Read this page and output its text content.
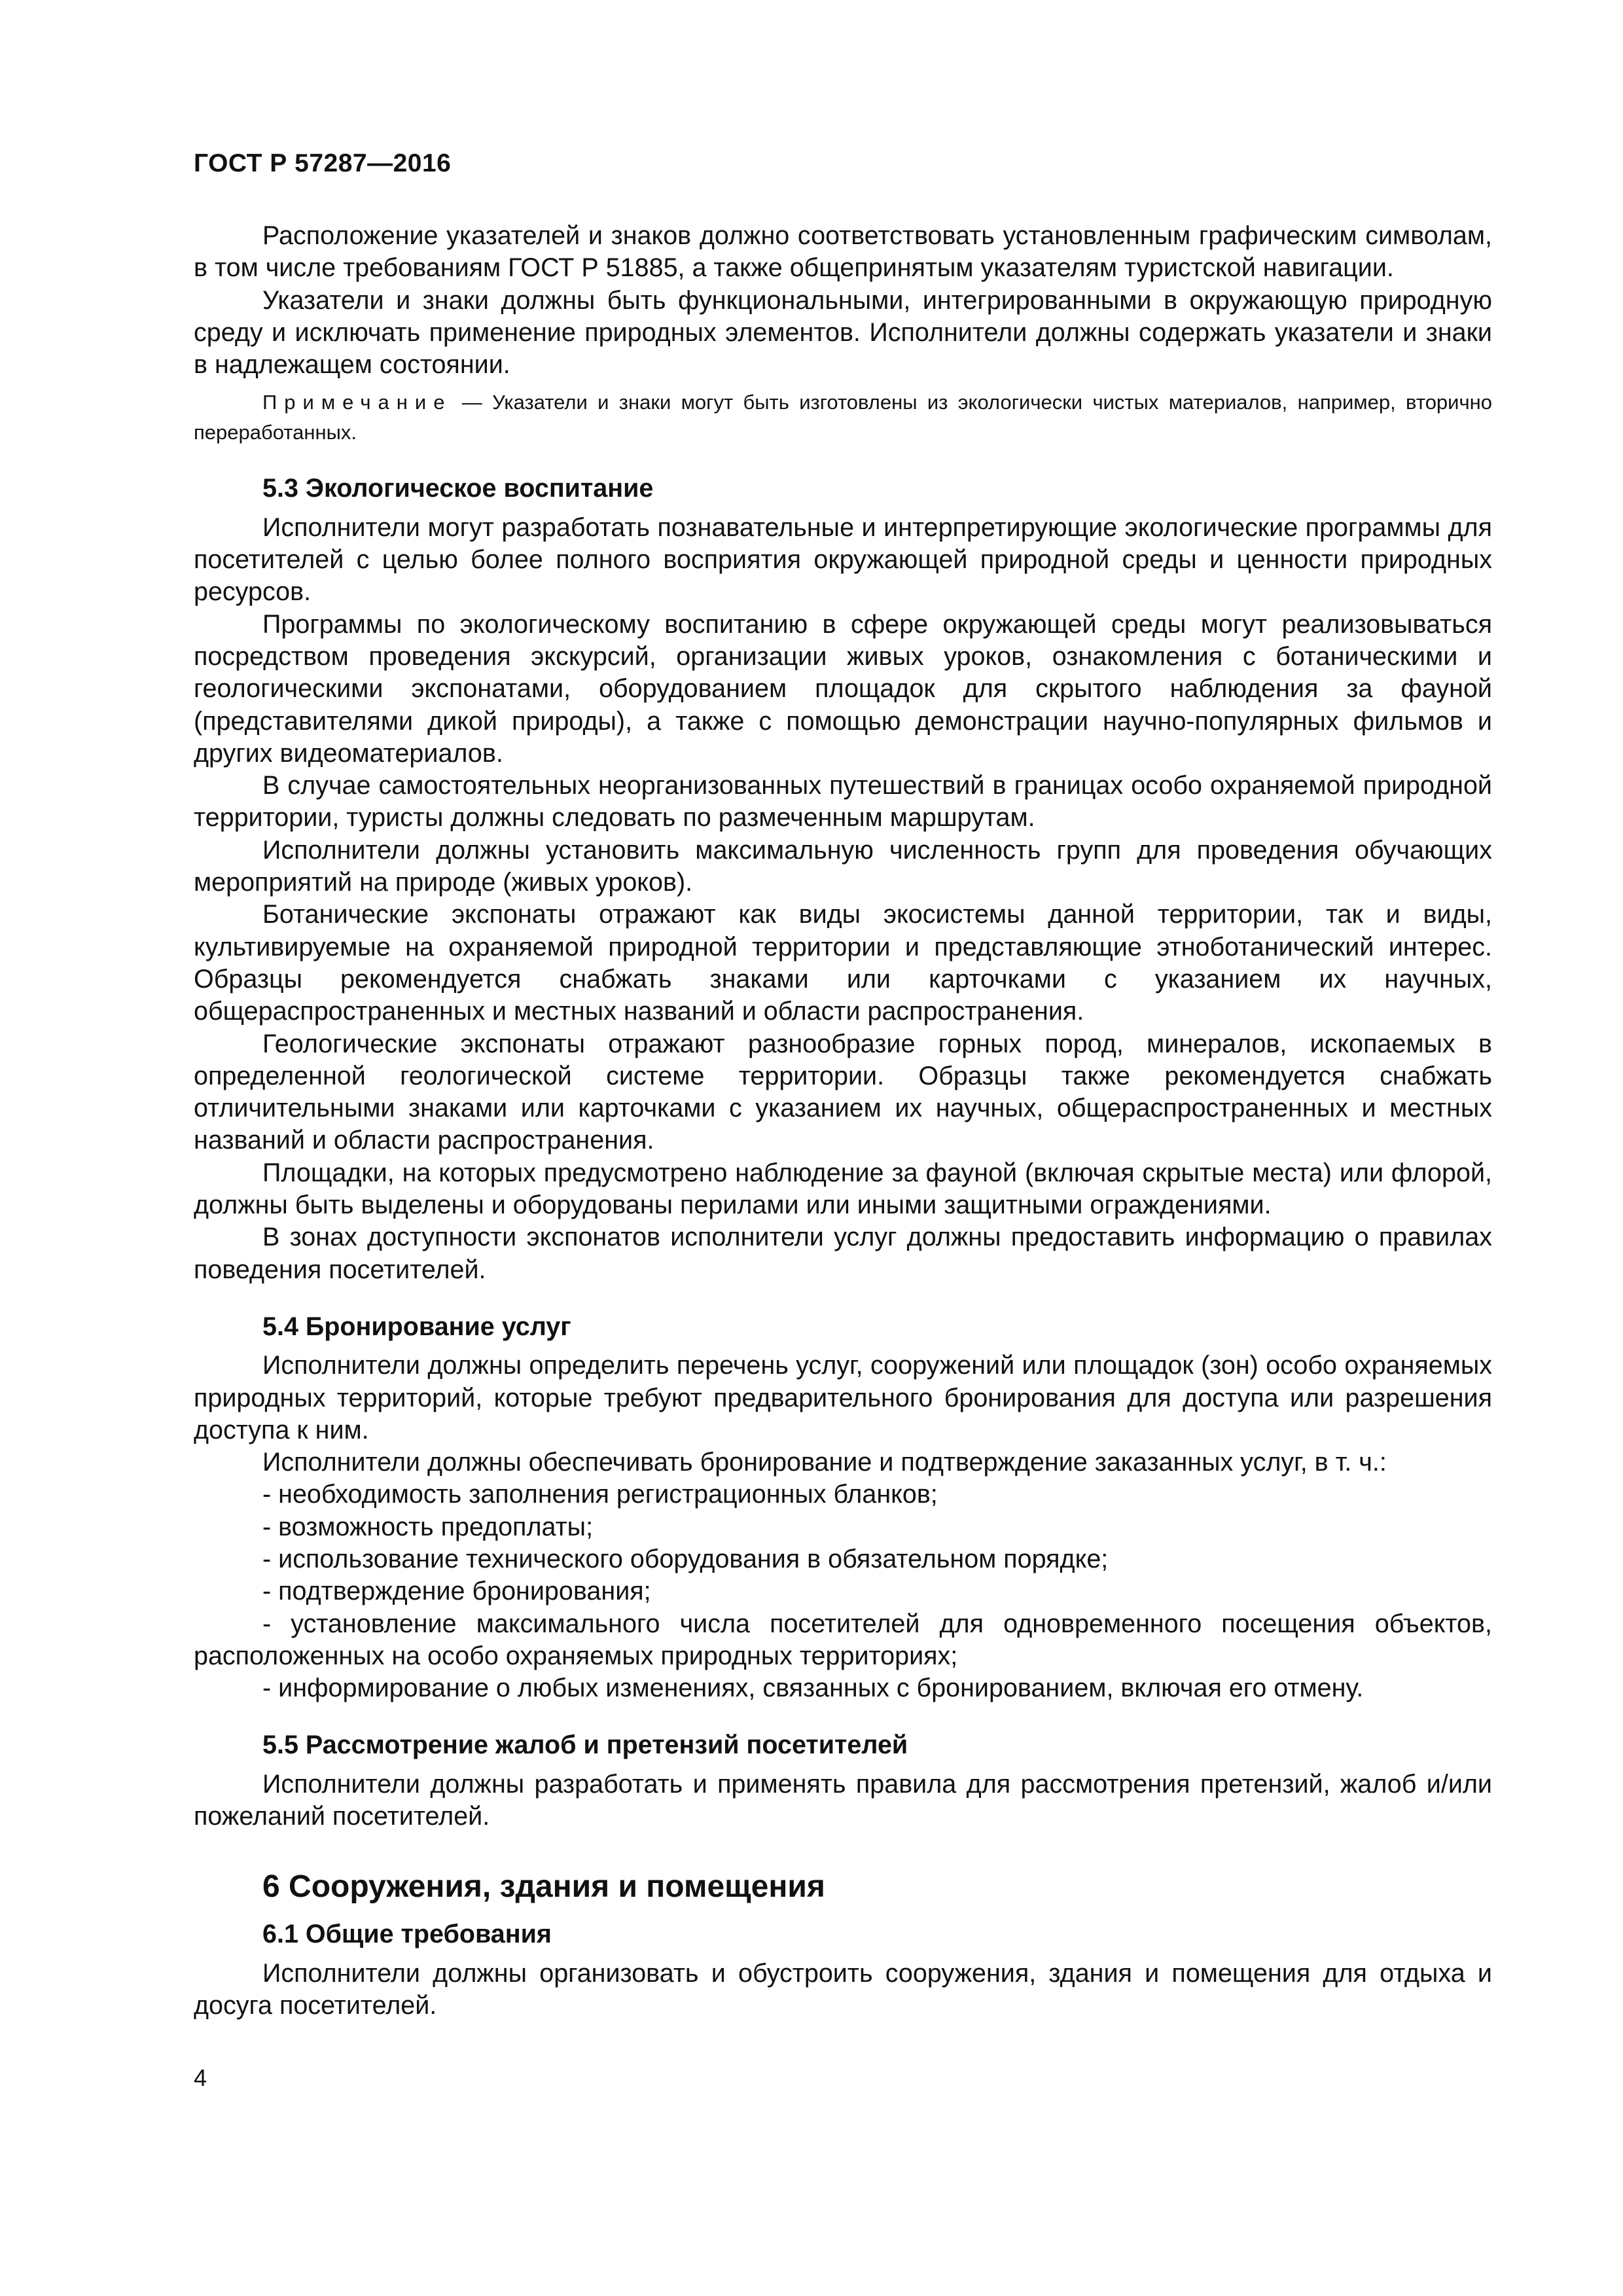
ГОСТ Р 57287—2016

Расположение указателей и знаков должно соответствовать установленным графическим символам, в том числе требованиям ГОСТ Р 51885, а также общепринятым указателям туристской навигации.

Указатели и знаки должны быть функциональными, интегрированными в окружающую природную среду и исключать применение природных элементов. Исполнители должны содержать указатели и знаки в надлежащем состоянии.

Примечание — Указатели и знаки могут быть изготовлены из экологически чистых материалов, например, вторично переработанных.

5.3 Экологическое воспитание

Исполнители могут разработать познавательные и интерпретирующие экологические программы для посетителей с целью более полного восприятия окружающей природной среды и ценности природных ресурсов.

Программы по экологическому воспитанию в сфере окружающей среды могут реализовываться посредством проведения экскурсий, организации живых уроков, ознакомления с ботаническими и геологическими экспонатами, оборудованием площадок для скрытого наблюдения за фауной (представителями дикой природы), а также с помощью демонстрации научно-популярных фильмов и других видеоматериалов.

В случае самостоятельных неорганизованных путешествий в границах особо охраняемой природной территории, туристы должны следовать по размеченным маршрутам.

Исполнители должны установить максимальную численность групп для проведения обучающих мероприятий на природе (живых уроков).

Ботанические экспонаты отражают как виды экосистемы данной территории, так и виды, культивируемые на охраняемой природной территории и представляющие этноботанический интерес. Образцы рекомендуется снабжать знаками или карточками с указанием их научных, общераспространенных и местных названий и области распространения.

Геологические экспонаты отражают разнообразие горных пород, минералов, ископаемых в определенной геологической системе территории. Образцы также рекомендуется снабжать отличительными знаками или карточками с указанием их научных, общераспространенных и местных названий и области распространения.

Площадки, на которых предусмотрено наблюдение за фауной (включая скрытые места) или флорой, должны быть выделены и оборудованы перилами или иными защитными ограждениями.

В зонах доступности экспонатов исполнители услуг должны предоставить информацию о правилах поведения посетителей.

5.4 Бронирование услуг

Исполнители должны определить перечень услуг, сооружений или площадок (зон) особо охраняемых природных территорий, которые требуют предварительного бронирования для доступа или разрешения доступа к ним.

Исполнители должны обеспечивать бронирование и подтверждение заказанных услуг, в т. ч.:

- необходимость заполнения регистрационных бланков;

- возможность предоплаты;

- использование технического оборудования в обязательном порядке;

- подтверждение бронирования;

- установление максимального числа посетителей для одновременного посещения объектов, расположенных на особо охраняемых природных территориях;

- информирование о любых изменениях, связанных с бронированием, включая его отмену.

5.5 Рассмотрение жалоб и претензий посетителей

Исполнители должны разработать и применять правила для рассмотрения претензий, жалоб и/или пожеланий посетителей.

6 Сооружения, здания и помещения
6.1 Общие требования

Исполнители должны организовать и обустроить сооружения, здания и помещения для отдыха и досуга посетителей.

4
